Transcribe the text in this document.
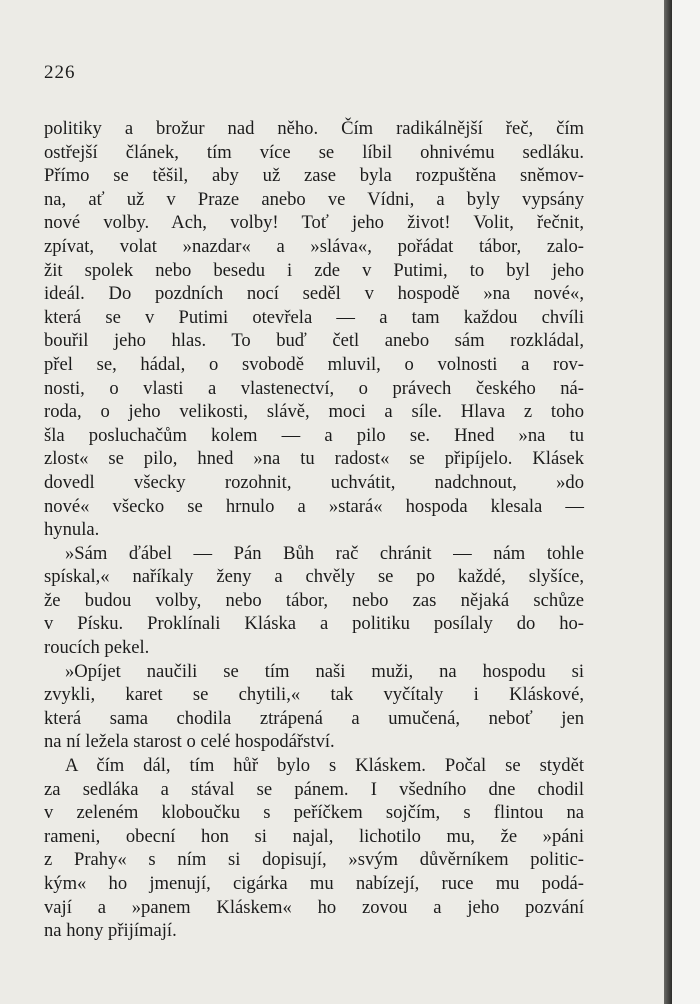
226
politiky a brožur nad něho. Čím radikálnější řeč, čím
ostřejší článek, tím více se líbil ohnivému sedláku.
Přímo se těšil, aby už zase byla rozpuštěna sněmov-
na, ať už v Praze anebo ve Vídni, a byly vypsány
nové volby. Ach, volby! Toť jeho život! Volit, řečnit,
zpívat, volat »nazdar« a »sláva«, pořádat tábor, zalo-
žit spolek nebo besedu i zde v Putimi, to byl jeho
ideál. Do pozdních nocí seděl v hospodě »na nové«,
která se v Putimi otevřela — a tam každou chvíli
bouřil jeho hlas. To buď četl anebo sám rozkládal,
přel se, hádal, o svobodě mluvil, o volnosti a rov-
nosti, o vlasti a vlastenectví, o právech českého ná-
roda, o jeho velikosti, slávě, moci a síle. Hlava z toho
šla posluchačům kolem — a pilo se. Hned »na tu
zlost« se pilo, hned »na tu radost« se připíjelo. Klásek
dovedl všecky rozohnit, uchvátit, nadchnout, »do
nové« všecko se hrnulo a »stará« hospoda klesala —
hynula.
»Sám ďábel — Pán Bůh rač chránit — nám tohle
spískal,« naříkaly ženy a chvěly se po každé, slyšíce,
že budou volby, nebo tábor, nebo zas nějaká schůze
v Písku. Proklínali Kláska a politiku posílaly do ho-
roucích pekel.
»Opíjet naučili se tím naši muži, na hospodu si
zvykli, karet se chytili,« tak vyčítaly i Kláskové,
která sama chodila ztrápená a umučená, neboť jen
na ní ležela starost o celé hospodářství.
A čím dál, tím hůř bylo s Kláskem. Počal se stydět
za sedláka a stával se pánem. I všedního dne chodil
v zeleném kloboučku s peříčkem sojčím, s flintou na
rameni, obecní hon si najal, lichotilo mu, že »páni
z Prahy« s ním si dopisují, »svým důvěrníkem politic-
kým« ho jmenují, cigárka mu nabízejí, ruce mu podá-
vají a »panem Kláskem« ho zovou a jeho pozvání
na hony přijímají.
